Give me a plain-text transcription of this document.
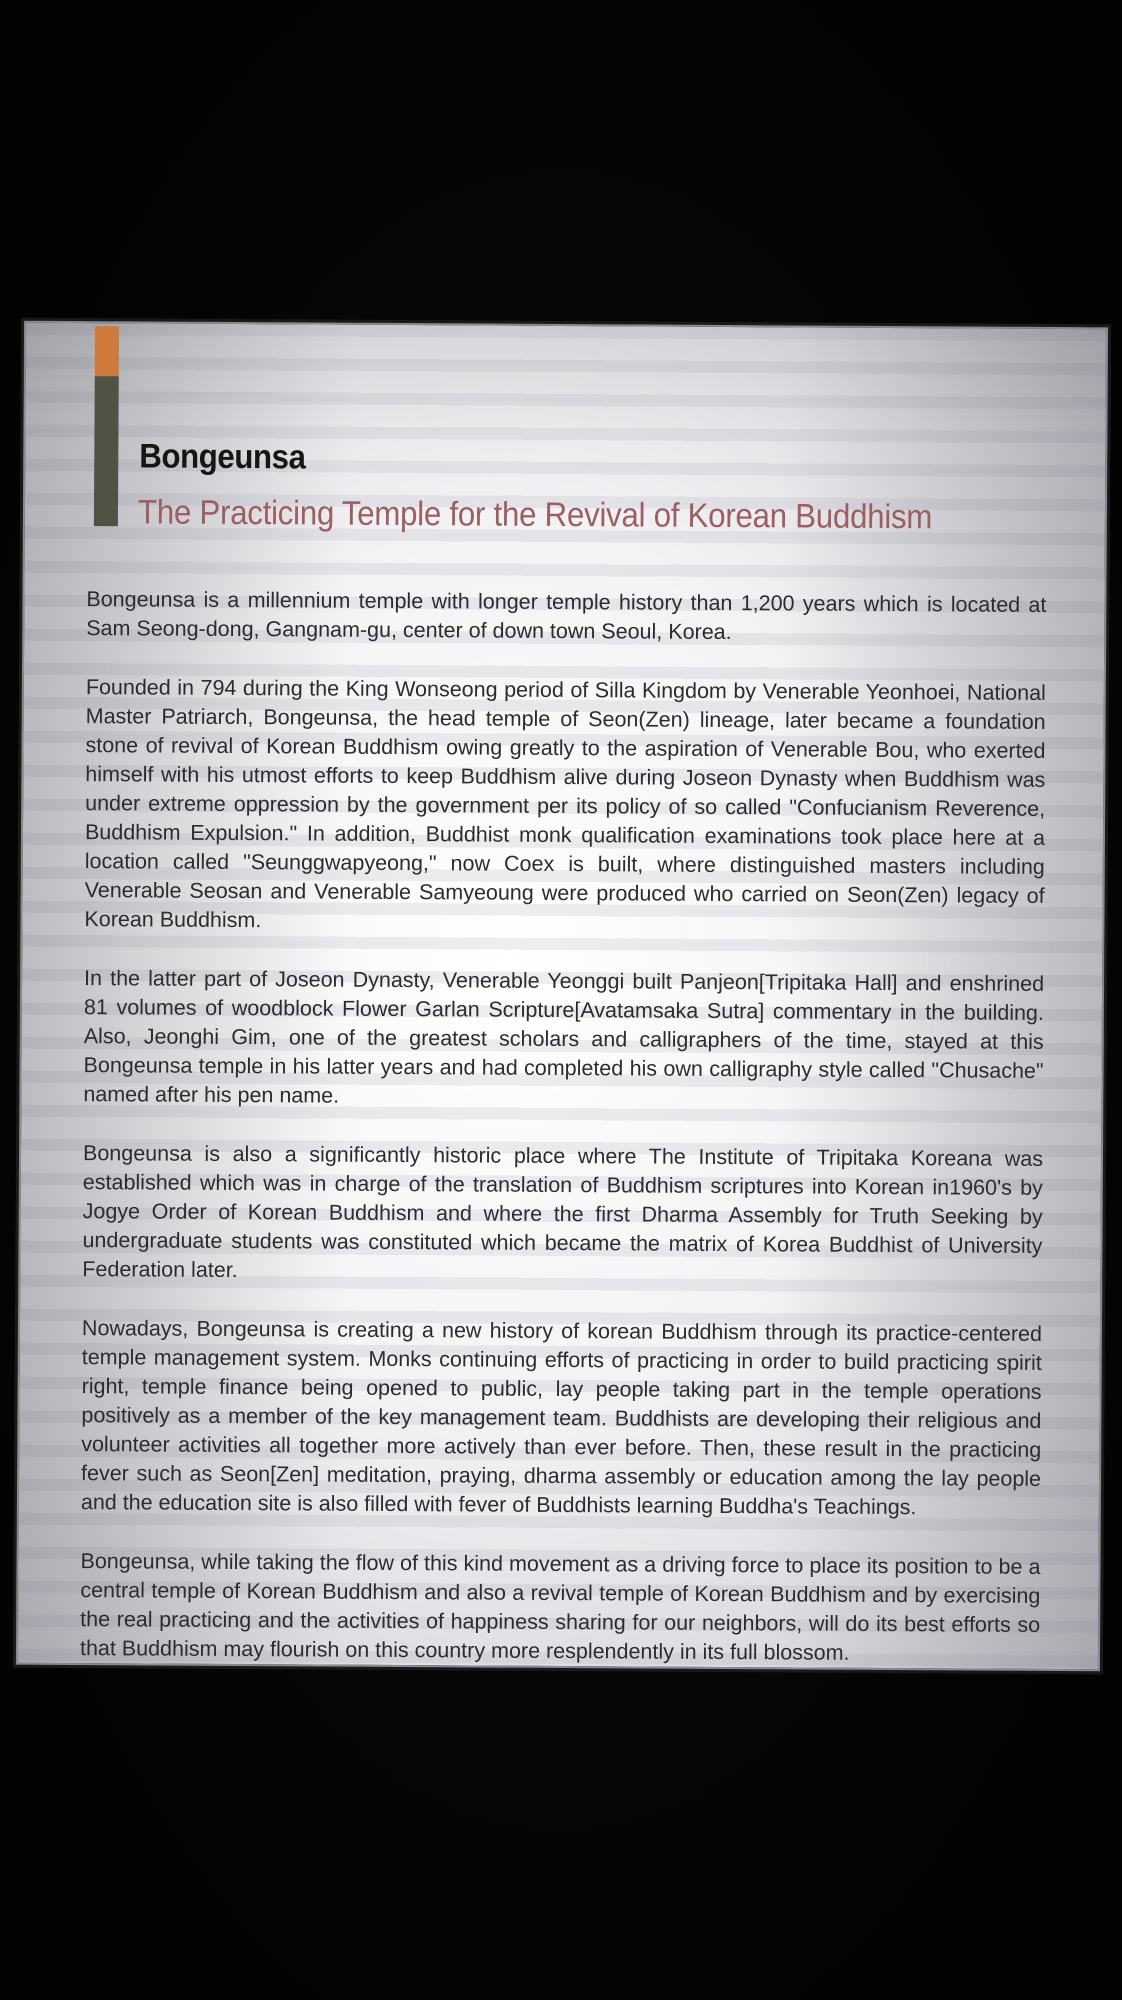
Bongeunsa
The Practicing Temple for the Revival of Korean Buddhism

Bongeunsa is a millennium temple with longer temple history than 1,200 years which is located at Sam Seong-dong, Gangnam-gu, center of down town Seoul, Korea.

Founded in 794 during the King Wonseong period of Silla Kingdom by Venerable Yeonhoei, National Master Patriarch, Bongeunsa, the head temple of Seon(Zen) lineage, later became a foundation stone of revival of Korean Buddhism owing greatly to the aspiration of Venerable Bou, who exerted himself with his utmost efforts to keep Buddhism alive during Joseon Dynasty when Buddhism was under extreme oppression by the government per its policy of so called "Confucianism Reverence, Buddhism Expulsion." In addition, Buddhist monk qualification examinations took place here at a location called "Seunggwapyeong," now Coex is built, where distinguished masters including Venerable Seosan and Venerable Samyeoung were produced who carried on Seon(Zen) legacy of Korean Buddhism.

In the latter part of Joseon Dynasty, Venerable Yeonggi built Panjeon[Tripitaka Hall] and enshrined 81 volumes of woodblock Flower Garlan Scripture[Avatamsaka Sutra] commentary in the building. Also, Jeonghi Gim, one of the greatest scholars and calligraphers of the time, stayed at this Bongeunsa temple in his latter years and had completed his own calligraphy style called "Chusache" named after his pen name.

Bongeunsa is also a significantly historic place where The Institute of Tripitaka Koreana was established which was in charge of the translation of Buddhism scriptures into Korean in1960's by Jogye Order of Korean Buddhism and where the first Dharma Assembly for Truth Seeking by undergraduate students was constituted which became the matrix of Korea Buddhist of University Federation later.

Nowadays, Bongeunsa is creating a new history of korean Buddhism through its practice-centered temple management system. Monks continuing efforts of practicing in order to build practicing spirit right, temple finance being opened to public, lay people taking part in the temple operations positively as a member of the key management team. Buddhists are developing their religious and volunteer activities all together more actively than ever before. Then, these result in the practicing fever such as Seon[Zen] meditation, praying, dharma assembly or education among the lay people and the education site is also filled with fever of Buddhists learning Buddha's Teachings.

Bongeunsa, while taking the flow of this kind movement as a driving force to place its position to be a central temple of Korean Buddhism and also a revival temple of Korean Buddhism and by exercising the real practicing and the activities of happiness sharing for our neighbors, will do its best efforts so that Buddhism may flourish on this country more resplendently in its full blossom.
